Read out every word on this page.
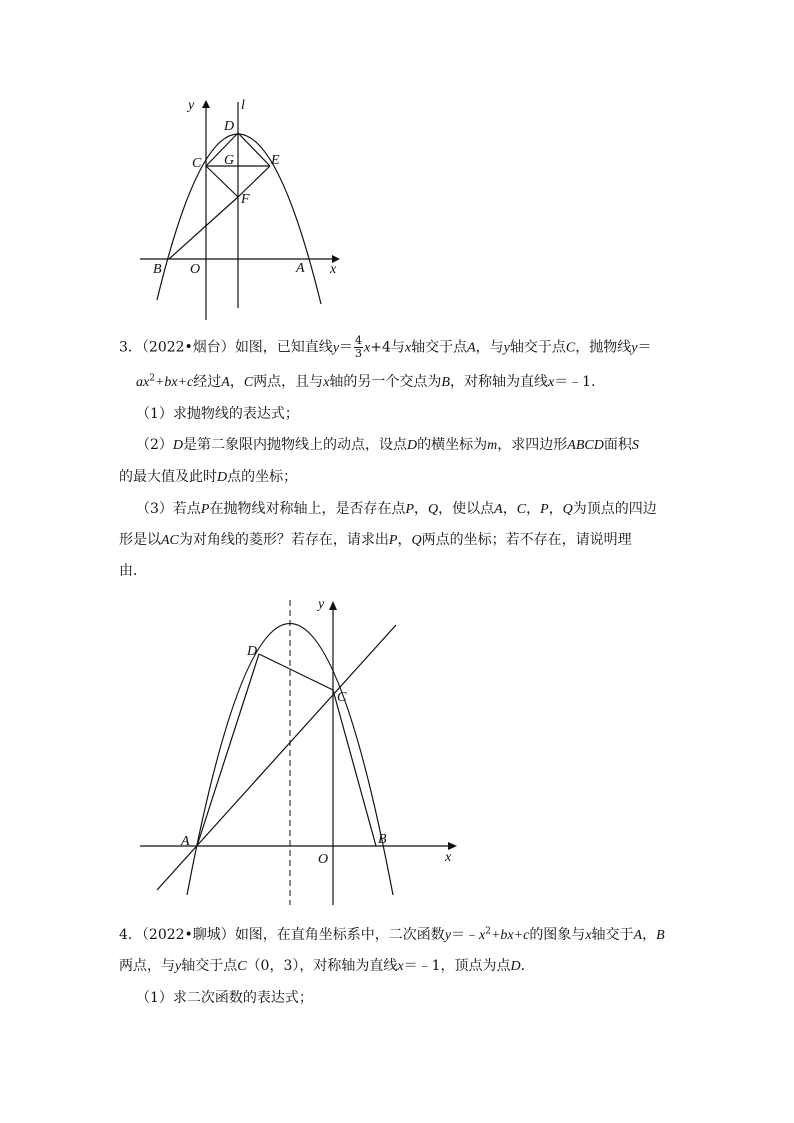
y	l
D
C G	E
F
B O	A x
3．（2022•烟台）如图，已知直线$y= \frac{4}{3} x+4$与x轴交于点A，与y轴交于点C，抛物线y＝
$ax^2+bx+c$经过A，C两点，且与x轴的另一个交点为B，对称轴为直线x＝﹣1．
（1）求抛物线的表达式；
（2）D是第二象限内抛物线上的动点，设点D的横坐标为m，求四边形ABCD面积S
的最大值及此时D点的坐标；
（3）若点P在抛物线对称轴上，是否存在点P，Q，使以点A，C，P，Q为顶点的四边
形是以AC为对角线的菱形？若存在，请求出P，Q两点的坐标；若不存在，请说明理
由．
y
D
C
A	B
O	x
4．（2022•聊城）如图，在直角坐标系中，二次函数$y=﹣x^2+bx+c$的图象与x轴交于A，B
两点，与y轴交于点C（0，3），对称轴为直线x＝﹣1，顶点为点D．
（1）求二次函数的表达式；
